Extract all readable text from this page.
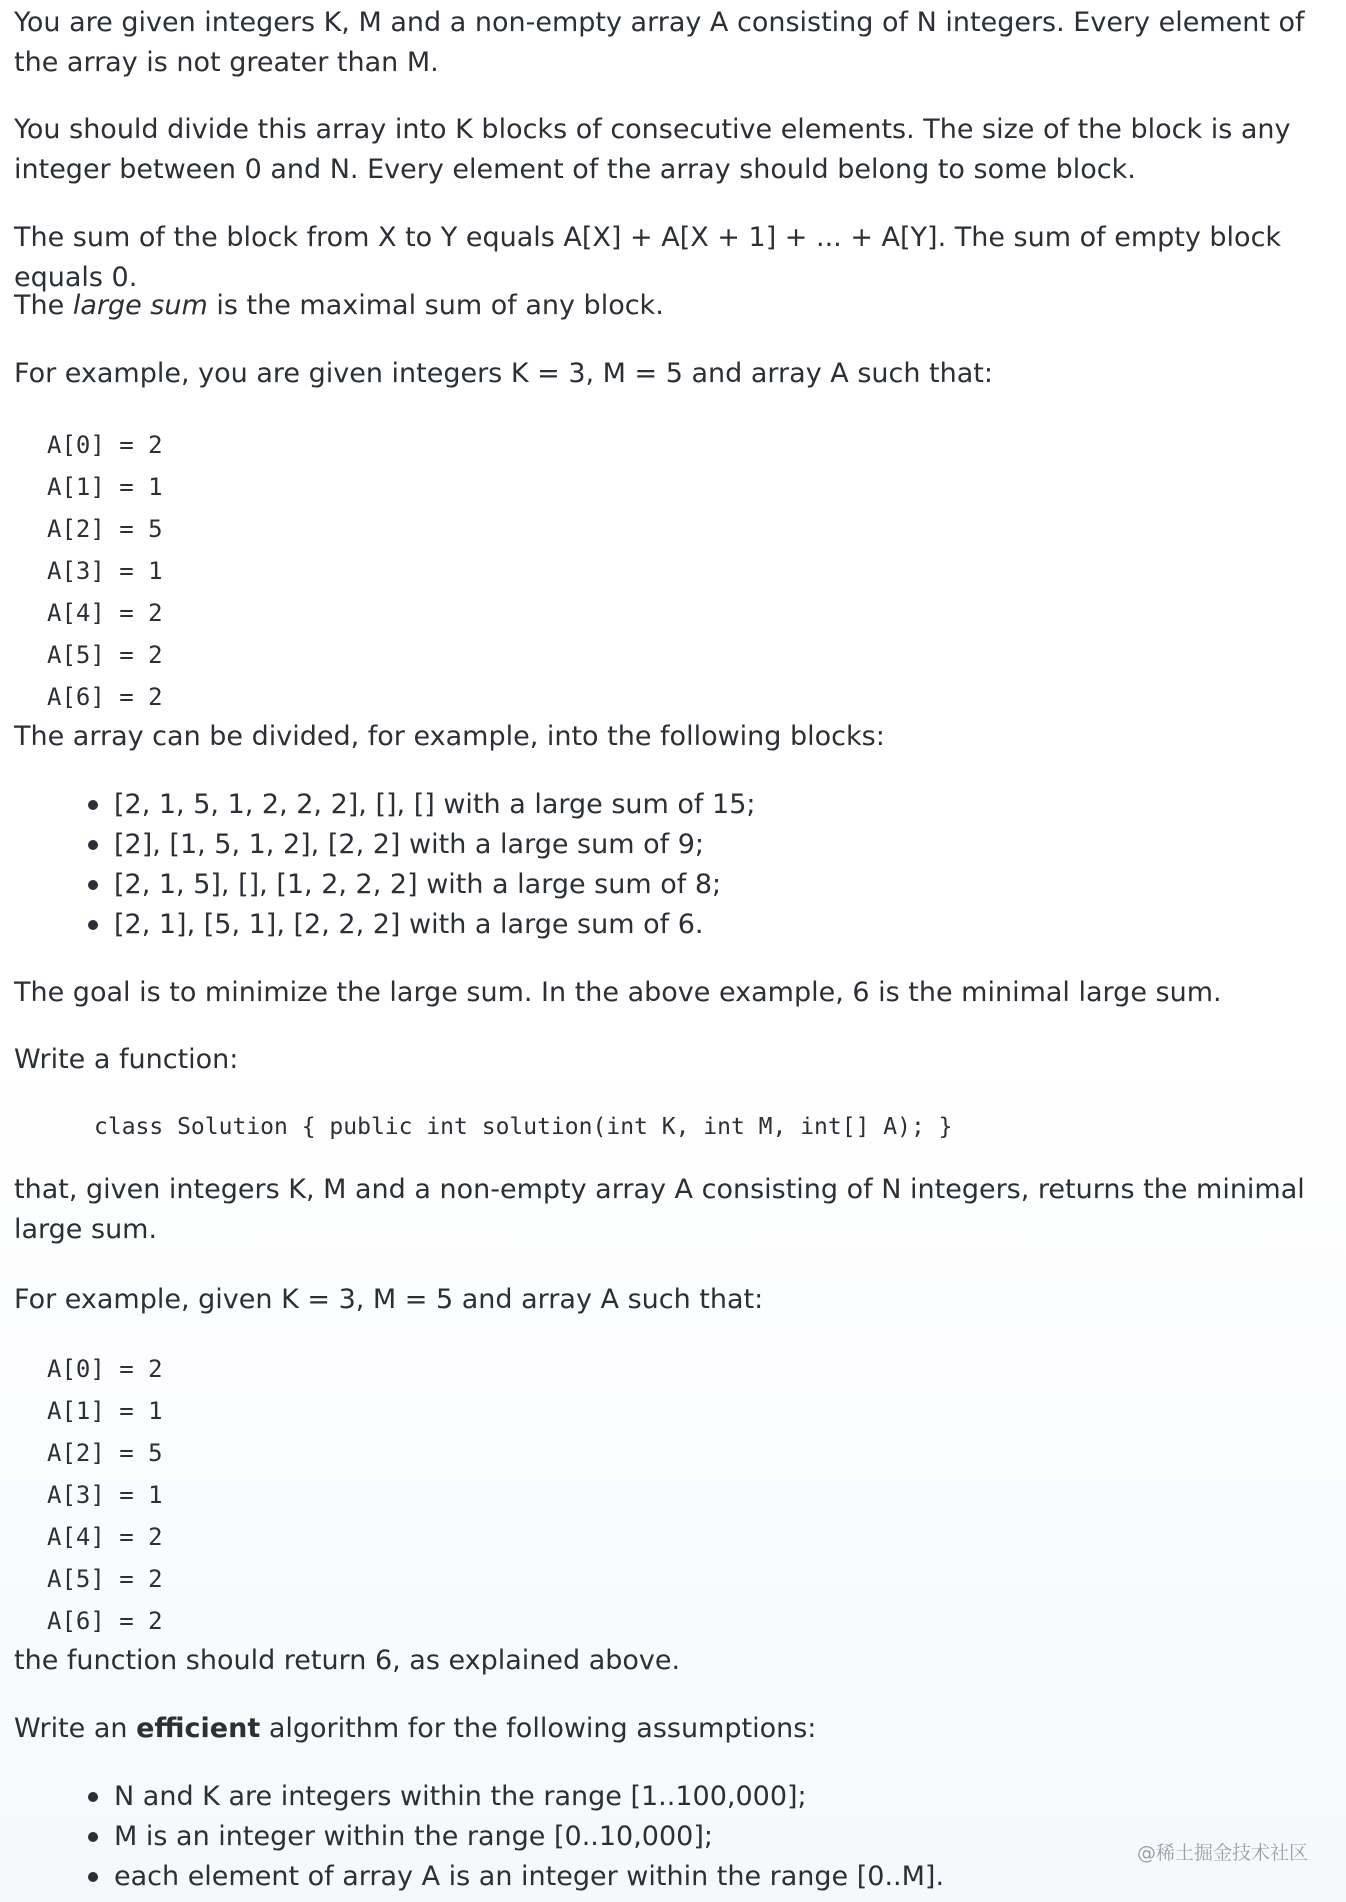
You are given integers K, M and a non-empty array A consisting of N integers. Every element of the array is not greater than M.

You should divide this array into K blocks of consecutive elements. The size of the block is any integer between 0 and N. Every element of the array should belong to some block.

The sum of the block from X to Y equals A[X] + A[X + 1] + ... + A[Y]. The sum of empty block equals 0.

The large sum is the maximal sum of any block.

For example, you are given integers K = 3, M = 5 and array A such that:

A[0] = 2
A[1] = 1
A[2] = 5
A[3] = 1
A[4] = 2
A[5] = 2
A[6] = 2

The array can be divided, for example, into the following blocks:

[2, 1, 5, 1, 2, 2, 2], [], [] with a large sum of 15;
[2], [1, 5, 1, 2], [2, 2] with a large sum of 9;
[2, 1, 5], [], [1, 2, 2, 2] with a large sum of 8;
[2, 1], [5, 1], [2, 2, 2] with a large sum of 6.

The goal is to minimize the large sum. In the above example, 6 is the minimal large sum.

Write a function:

class Solution { public int solution(int K, int M, int[] A); }

that, given integers K, M and a non-empty array A consisting of N integers, returns the minimal large sum.

For example, given K = 3, M = 5 and array A such that:

A[0] = 2
A[1] = 1
A[2] = 5
A[3] = 1
A[4] = 2
A[5] = 2
A[6] = 2

the function should return 6, as explained above.

Write an efficient algorithm for the following assumptions:

N and K are integers within the range [1..100,000];
M is an integer within the range [0..10,000];
each element of array A is an integer within the range [0..M].
@稀土掘金技术社区
